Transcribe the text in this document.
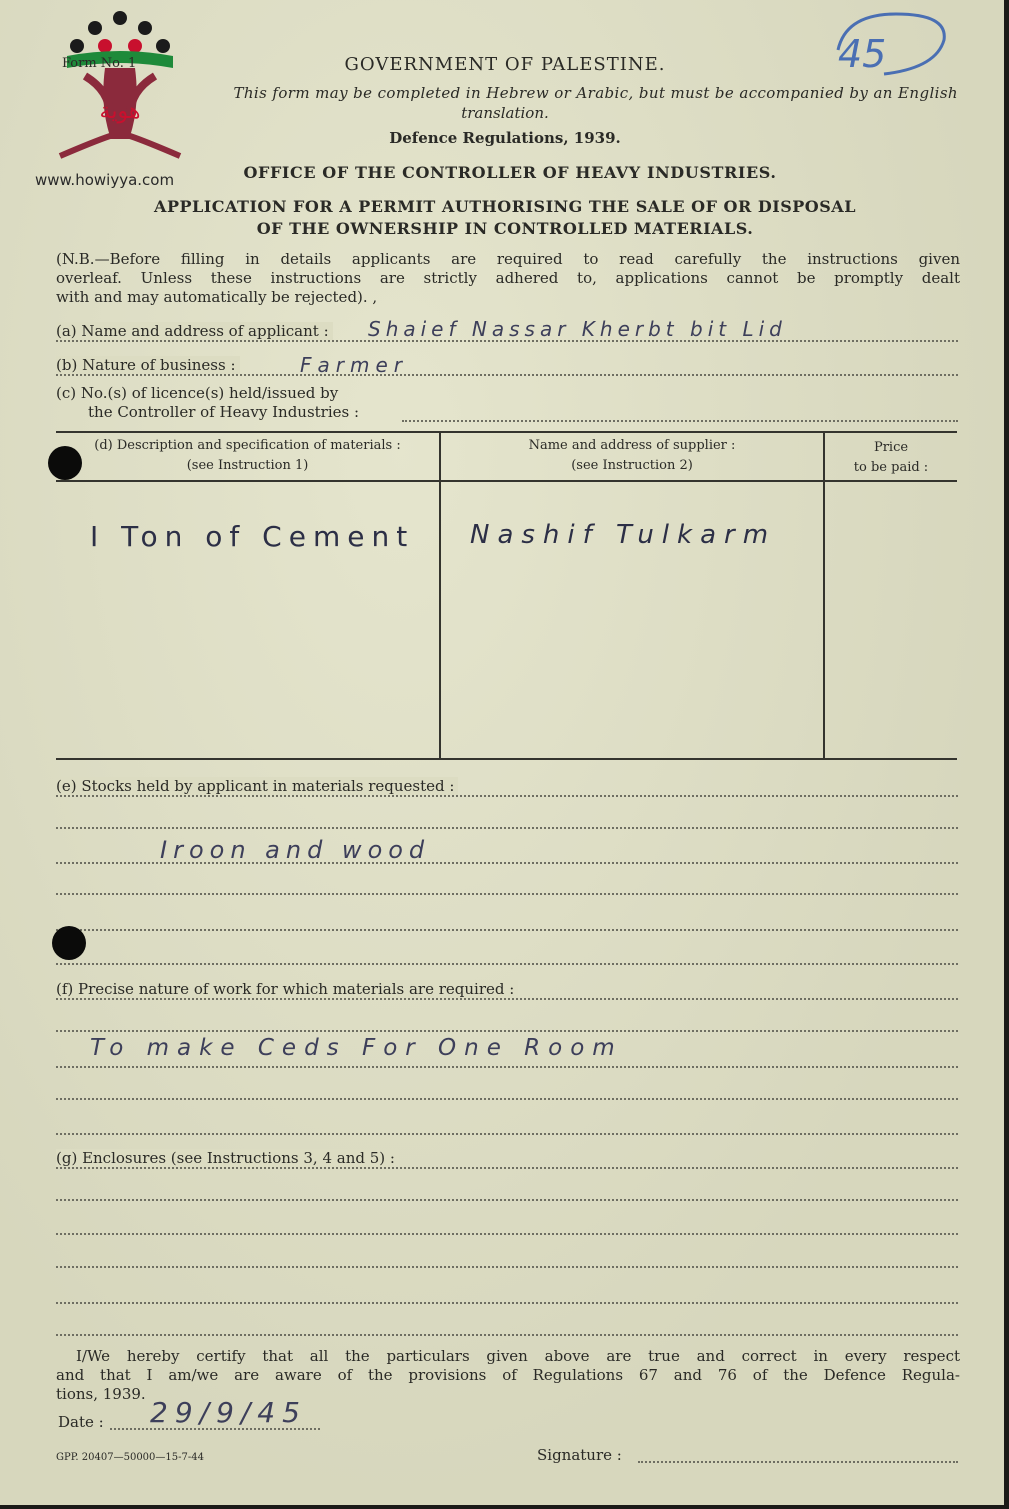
هوية
www.howiyya.com
45
Form No. 1	GOVERNMENT OF PALESTINE.
This form may be completed in Hebrew or Arabic, but must be accompanied by an English
translation.
Defence Regulations, 1939.
OFFICE OF THE CONTROLLER OF HEAVY INDUSTRIES.
APPLICATION FOR A PERMIT AUTHORISING THE SALE OF OR DISPOSAL
OF THE OWNERSHIP IN CONTROLLED MATERIALS.
(N.B.—Before filling in details applicants are required to read carefully the instructions given
overleaf. Unless these instructions are strictly adhered to, applications cannot be promptly dealt
with and may automatically be rejected). ,
(a) Name and address of applicant : Shaief Nassar Kherbt bit Lid
(b) Nature of business :	Farmer
(c) No.(s) of licence(s) held/issued by
the Controller of Heavy Industries :
(d) Description and specification of materials :
(see Instruction 1)
Name and address of supplier :
(see Instruction 2)
Price
to be paid :
I Ton of Cement Nashif Tulkarm
(e) Stocks held by applicant in materials requested :
Iroon and wood
(f) Precise nature of work for which materials are required :
To make Ceds For One Room
(g) Enclosures (see Instructions 3, 4 and 5) :
I/We hereby certify that all the particulars given above are true and correct in every respect
and that I am/we are aware of the provisions of Regulations 67 and 76 of the Defence Regula-
tions, 1939.
Date : 29/9/45
Signature :
GPP. 20407—50000—15-7-44
